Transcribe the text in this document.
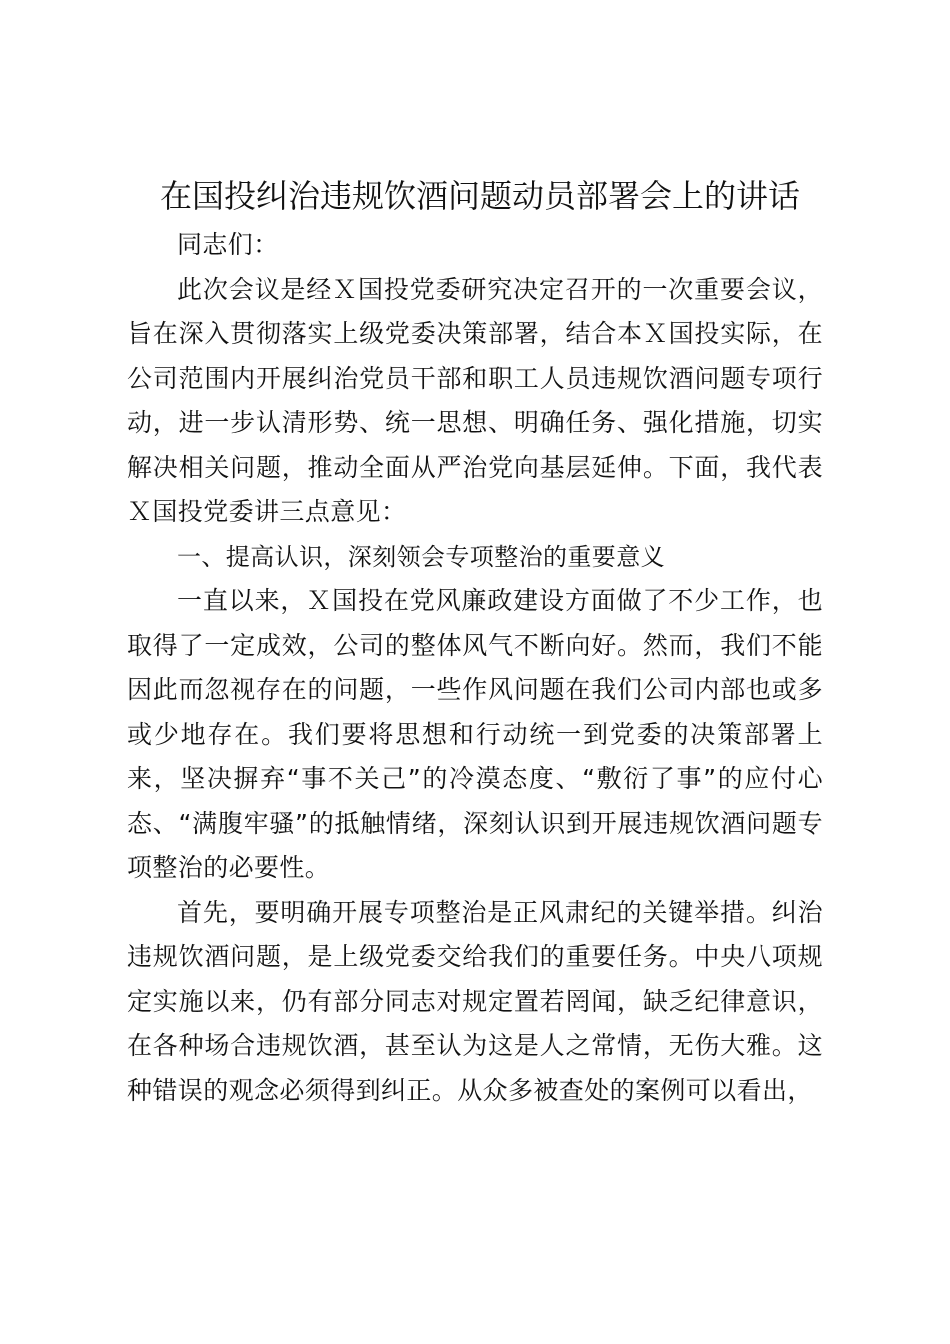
在国投纠治违规饮酒问题动员部署会上的讲话

同志们：

此次会议是经Ｘ国投党委研究决定召开的一次重要会议，旨在深入贯彻落实上级党委决策部署，结合本Ｘ国投实际，在公司范围内开展纠治党员干部和职工人员违规饮酒问题专项行动，进一步认清形势、统一思想、明确任务、强化措施，切实解决相关问题，推动全面从严治党向基层延伸。下面，我代表Ｘ国投党委讲三点意见：

一、提高认识，深刻领会专项整治的重要意义

一直以来，Ｘ国投在党风廉政建设方面做了不少工作，也取得了一定成效，公司的整体风气不断向好。然而，我们不能因此而忽视存在的问题，一些作风问题在我们公司内部也或多或少地存在。我们要将思想和行动统一到党委的决策部署上来，坚决摒弃“事不关己”的冷漠态度、“敷衍了事”的应付心态、“满腹牢骚”的抵触情绪，深刻认识到开展违规饮酒问题专项整治的必要性。

首先，要明确开展专项整治是正风肃纪的关键举措。纠治违规饮酒问题，是上级党委交给我们的重要任务。中央八项规定实施以来，仍有部分同志对规定置若罔闻，缺乏纪律意识，在各种场合违规饮酒，甚至认为这是人之常情，无伤大雅。这种错误的观念必须得到纠正。从众多被查处的案例可以看出，
